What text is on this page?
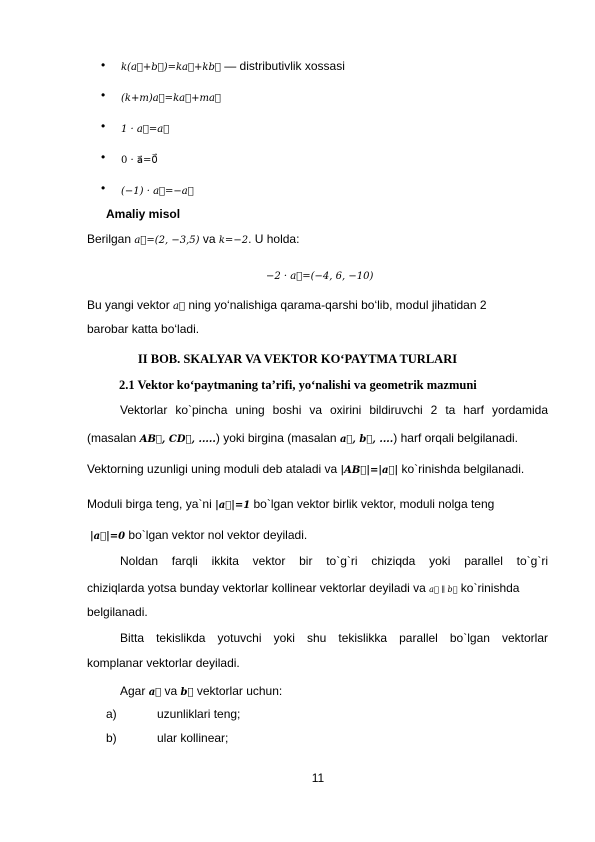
• k(a⃗+b⃗)=ka⃗+kb⃗ — distributivlik xossasi
• (k+m)a⃗=ka⃗+ma⃗
• 1 · a⃗=a⃗
• 0 · a⃗=0⃗
• (−1) · a⃗=−a⃗
Amaliy misol
Berilgan a⃗=(2, −3,5) va k=−2. U holda:
−2 · a⃗=(−4, 6, −10)
Bu yangi vektor a⃗ ning yo‘nalishiga qarama-qarshi bo‘lib, modul jihatidan 2
barobar katta bo‘ladi.
II BOB. SKALYAR VA VEKTOR KO‘PAYTMA TURLARI
2.1 Vektor ko‘paytmaning ta’rifi, yo‘nalishi va geometrik mazmuni
Vektorlar ko`pincha uning boshi va oxirini bildiruvchi 2 ta harf yordamida
(masalan AB⃗, CD⃗, .....) yoki birgina (masalan a⃗, b⃗, ....) harf orqali belgilanadi.
Vektorning uzunligi uning moduli deb ataladi va |AB⃗|=|a⃗| ko`rinishda belgilanadi.
Moduli birga teng, ya`ni |a⃗|=1 bo`lgan vektor birlik vektor, moduli nolga teng
|a⃗|=0 bo`lgan vektor nol vektor deyiladi.
Noldan farqli ikkita vektor bir to`g`ri chiziqda yoki parallel to`g`ri
chiziqlarda yotsa bunday vektorlar kollinear vektorlar deyiladi va a⃗ ∥ b⃗ ko`rinishda
belgilanadi.
Bitta tekislikda yotuvchi yoki shu tekislikka parallel bo`lgan vektorlar
komplanar vektorlar deyiladi.
Agar a⃗ va b⃗ vektorlar uchun:
a)	uzunliklari teng;
b)	ular kollinear;
11
